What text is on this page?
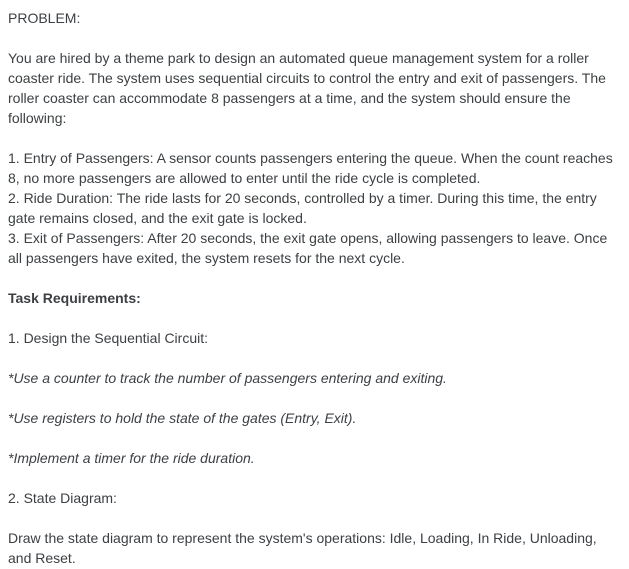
PROBLEM:

You are hired by a theme park to design an automated queue management system for a roller coaster ride. The system uses sequential circuits to control the entry and exit of passengers. The roller coaster can accommodate 8 passengers at a time, and the system should ensure the following:

1. Entry of Passengers: A sensor counts passengers entering the queue. When the count reaches 8, no more passengers are allowed to enter until the ride cycle is completed.

2. Ride Duration: The ride lasts for 20 seconds, controlled by a timer. During this time, the entry gate remains closed, and the exit gate is locked.

3. Exit of Passengers: After 20 seconds, the exit gate opens, allowing passengers to leave. Once all passengers have exited, the system resets for the next cycle.

Task Requirements:

1. Design the Sequential Circuit:

*Use a counter to track the number of passengers entering and exiting.

*Use registers to hold the state of the gates (Entry, Exit).

*Implement a timer for the ride duration.

2. State Diagram:

Draw the state diagram to represent the system's operations: Idle, Loading, In Ride, Unloading, and Reset.
